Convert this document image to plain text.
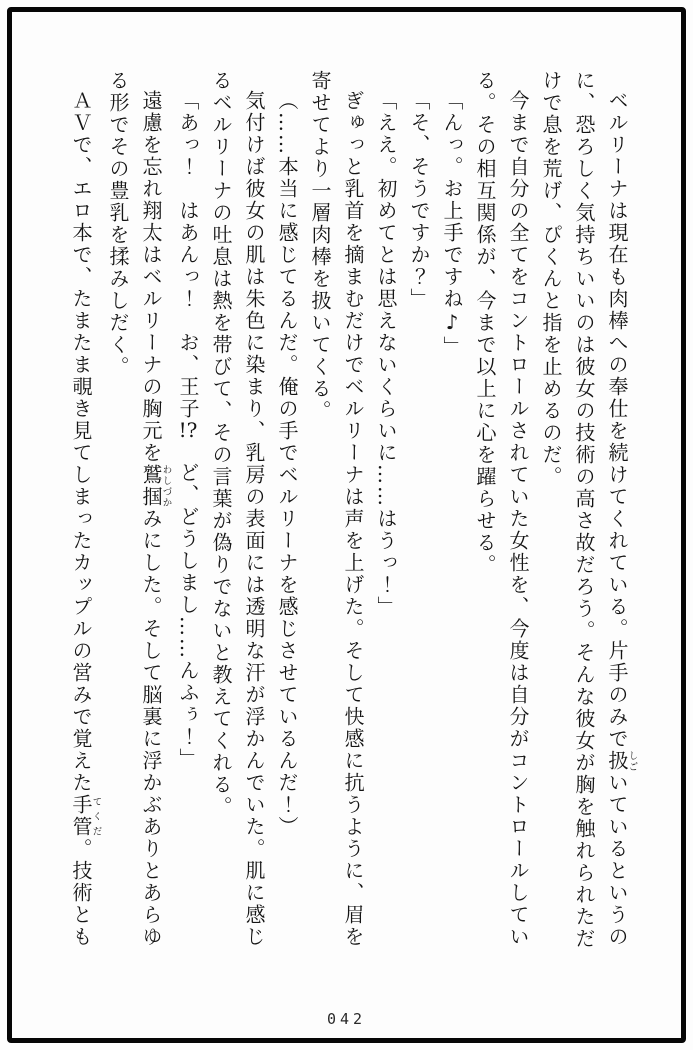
ベルリーナは現在も肉棒への奉仕を続けてくれている。片手のみで扱しごいているというのに、恐ろしく気持ちいいのは彼女の技術の高さ故だろう。そんな彼女が胸を触れられただけで息を荒げ、ぴくんと指を止めるのだ。

今まで自分の全てをコントロールされていた女性を、今度は自分がコントロールしている。その相互関係が、今まで以上に心を躍らせる。

「んっ。お上手ですね♪」

「そ、そうですか？」

「ええ。初めてとは思えないくらいに……はうっ！」

ぎゅっと乳首を摘まむだけでベルリーナは声を上げた。そして快感に抗うように、眉を寄せてより一層肉棒を扱いてくる。

（……本当に感じてるんだ。俺の手でベルリーナを感じさせているんだ！）

気付けば彼女の肌は朱色に染まり、乳房の表面には透明な汗が浮かんでいた。肌に感じるベルリーナの吐息は熱を帯びて、その言葉が偽りでないと教えてくれる。

「あっ！　はあんっ！　お、王子!?　ど、どうしまし……んふぅ！」

遠慮を忘れ翔太はベルリーナの胸元を鷲掴わしづかみにした。そして脳裏に浮かぶありとあらゆる形でその豊乳を揉みしだく。

ＡＶで、エロ本で、たまたま覗き見てしまったカップルの営みで覚えた手管てくだ。技術とも

042
